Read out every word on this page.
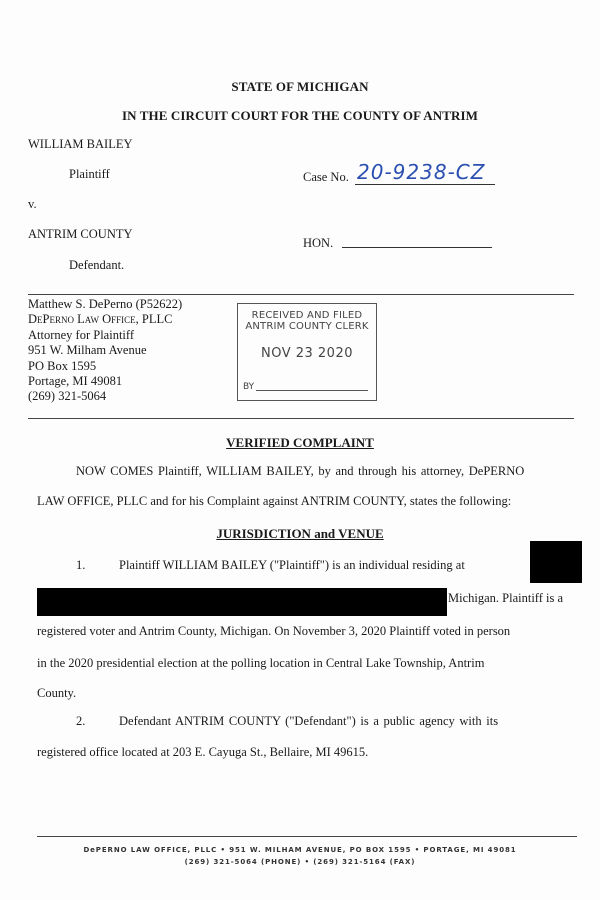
STATE OF MICHIGAN
IN THE CIRCUIT COURT FOR THE COUNTY OF ANTRIM
WILLIAM BAILEY
Plaintiff
v.
ANTRIM COUNTY
Defendant.
Case No. 20-9238-CZ
HON.
Matthew S. DePerno (P52622)
DePerno Law Office, PLLC
Attorney for Plaintiff
951 W. Milham Avenue
PO Box 1595
Portage, MI 49081
(269) 321-5064
RECEIVED AND FILED
ANTRIM COUNTY CLERK
NOV 23 2020
BY
VERIFIED COMPLAINT
NOW COMES Plaintiff, WILLIAM BAILEY, by and through his attorney, DePERNO
LAW OFFICE, PLLC and for his Complaint against ANTRIM COUNTY, states the following:
JURISDICTION and VENUE
1.	Plaintiff WILLIAM BAILEY ("Plaintiff") is an individual residing at
Michigan. Plaintiff is a
registered voter and Antrim County, Michigan. On November 3, 2020 Plaintiff voted in person
in the 2020 presidential election at the polling location in Central Lake Township, Antrim
County.
2.	Defendant ANTRIM COUNTY ("Defendant") is a public agency with its
registered office located at 203 E. Cayuga St., Bellaire, MI 49615.
DePERNO LAW OFFICE, PLLC • 951 W. MILHAM AVENUE, PO BOX 1595 • PORTAGE, MI 49081
(269) 321-5064 (PHONE) • (269) 321-5164 (FAX)
